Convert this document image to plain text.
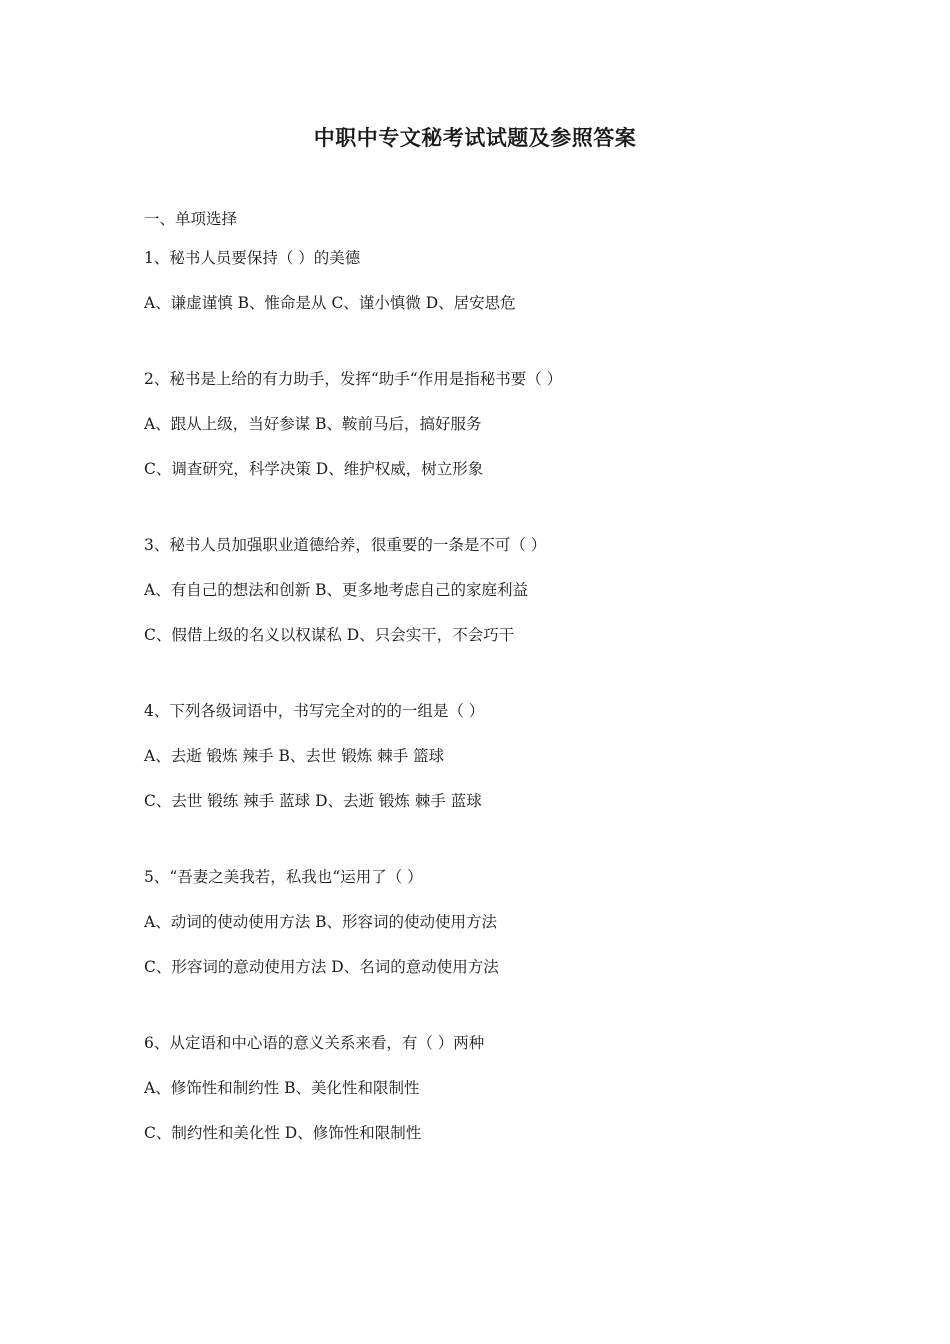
中职中专文秘考试试题及参照答案
一、单项选择
1、秘书人员要保持（ ）的美德
A、谦虚谨慎 B、惟命是从 C、谨小慎微 D、居安思危
2、秘书是上给的有力助手，发挥“助手“作用是指秘书要（ ）
A、跟从上级，当好参谋 B、鞍前马后，搞好服务
C、调查研究，科学决策 D、维护权威，树立形象
3、秘书人员加强职业道德给养，很重要的一条是不可（ ）
A、有自己的想法和创新 B、更多地考虑自己的家庭利益
C、假借上级的名义以权谋私 D、只会实干，不会巧干
4、下列各级词语中，书写完全对的的一组是（ ）
A、去逝 锻炼 辣手 B、去世 锻炼 棘手 篮球
C、去世 锻练 辣手 蓝球 D、去逝 锻炼 棘手 蓝球
5、“吾妻之美我若，私我也“运用了（ ）
A、动词的使动使用方法 B、形容词的使动使用方法
C、形容词的意动使用方法 D、名词的意动使用方法
6、从定语和中心语的意义关系来看，有（ ）两种
A、修饰性和制约性 B、美化性和限制性
C、制约性和美化性 D、修饰性和限制性
